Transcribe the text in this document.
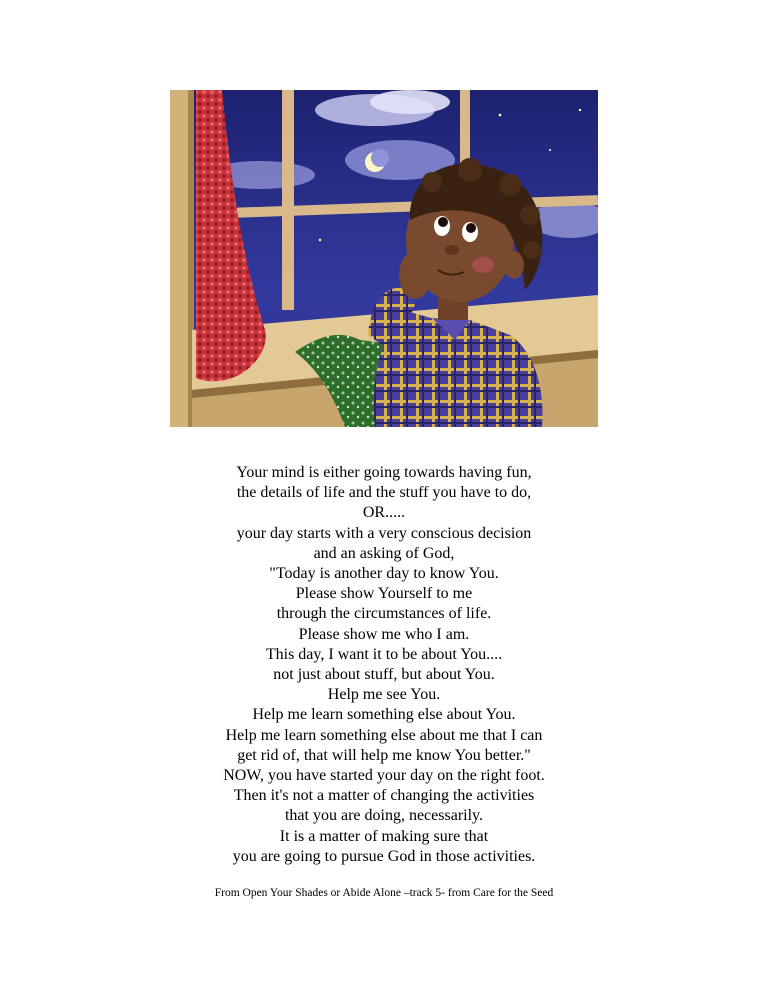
Your mind is either going towards having fun,
the details of life and the stuff you have to do,
OR.....
your day starts with a very conscious decision
and an asking of God,
"Today is another day to know You.
Please show Yourself to me
through the circumstances of life.
Please show me who I am.
This day, I want it to be about You....
not just about stuff, but about You.
Help me see You.
Help me learn something else about You.
Help me learn something else about me that I can
get rid of, that will help me know You better."
NOW, you have started your day on the right foot.
Then it's not a matter of changing the activities
that you are doing, necessarily.
It is a matter of making sure that
you are going to pursue God in those activities.
From Open Your Shades or Abide Alone –track 5- from Care for the Seed
